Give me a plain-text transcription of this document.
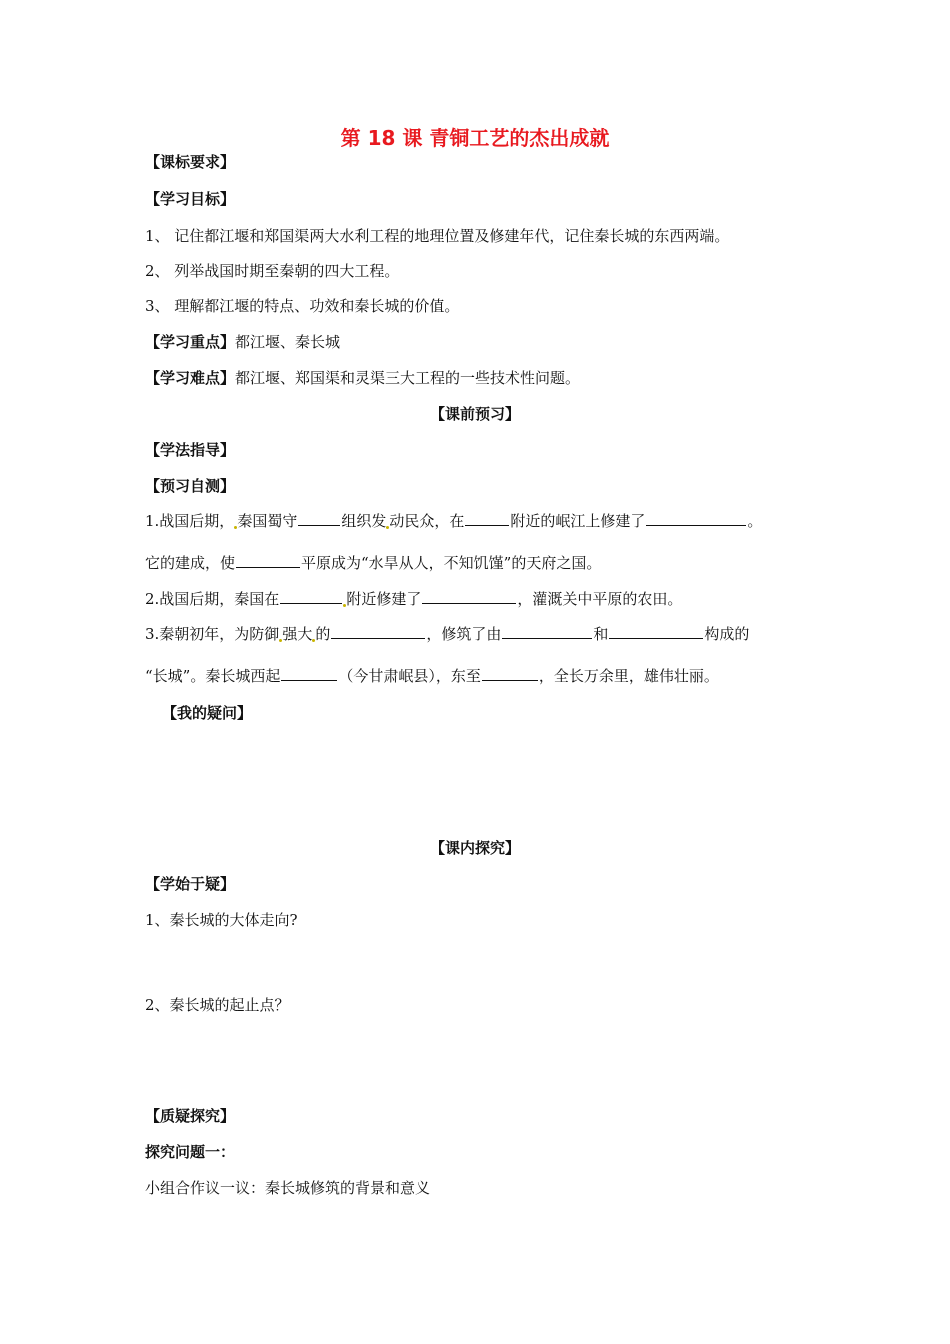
第 18 课 青铜工艺的杰出成就
【课标要求】
【学习目标】
1、 记住都江堰和郑国渠两大水利工程的地理位置及修建年代，记住秦长城的东西两端。
2、 列举战国时期至秦朝的四大工程。
3、 理解都江堰的特点、功效和秦长城的价值。
【学习重点】都江堰、秦长城
【学习难点】都江堰、郑国渠和灵渠三大工程的一些技术性问题。
【课前预习】
【学法指导】
【预习自测】
1.战国后期， 秦国蜀守	组织发 动民众，在	附近的岷江上修建了	。
它的建成，使	平原成为“水旱从人，不知饥馑”的天府之国。
2.战国后期，秦国在	附近修建了	，灌溉关中平原的农田。
3.秦朝初年，为防御 强大 的	，修筑了由	和	构成的
“长城”。秦长城西起	（今甘肃岷县），东至	，全长万余里，雄伟壮丽。
【我的疑问】
【课内探究】
【学始于疑】
1、秦长城的大体走向?
2、秦长城的起止点？
【质疑探究】
探究问题一：
小组合作议一议：秦长城修筑的背景和意义
